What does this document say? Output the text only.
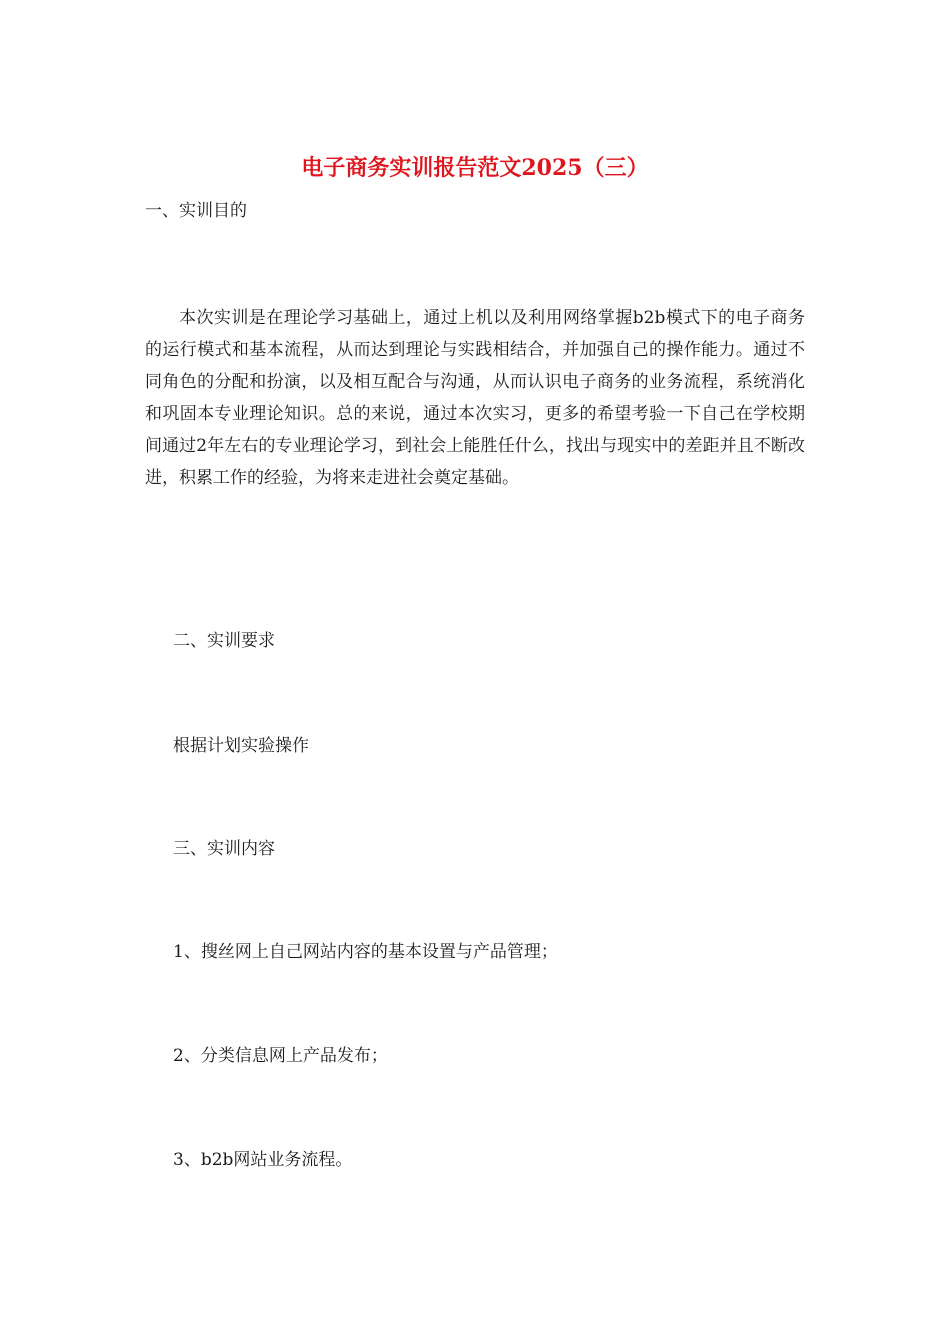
电子商务实训报告范文2025（三）

一、实训目的

本次实训是在理论学习基础上，通过上机以及利用网络掌握b2b模式下的电子商务的运行模式和基本流程，从而达到理论与实践相结合，并加强自己的操作能力。通过不同角色的分配和扮演，以及相互配合与沟通，从而认识电子商务的业务流程，系统消化和巩固本专业理论知识。总的来说，通过本次实习，更多的希望考验一下自己在学校期间通过2年左右的专业理论学习，到社会上能胜任什么，找出与现实中的差距并且不断改进，积累工作的经验，为将来走进社会奠定基础。

二、实训要求

根据计划实验操作

三、实训内容

1、搜丝网上自己网站内容的基本设置与产品管理；

2、分类信息网上产品发布；

3、b2b网站业务流程。
